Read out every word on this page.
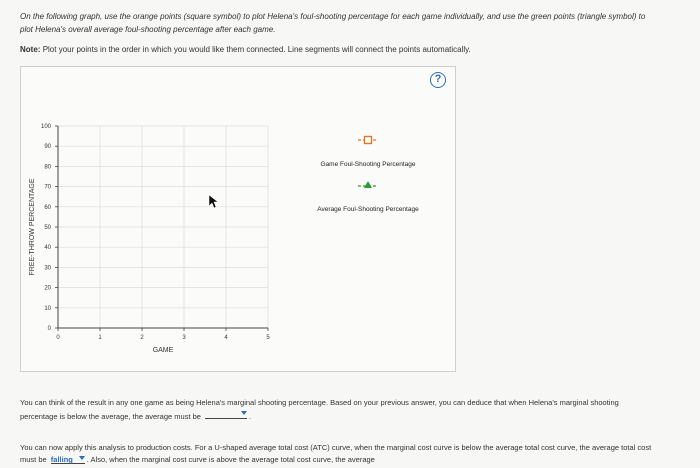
On the following graph, use the orange points (square symbol) to plot Helena's foul-shooting percentage for each game individually, and use the green points (triangle symbol) to plot Helena's overall average foul-shooting percentage after each game.
Note: Plot your points in the order in which you would like them connected. Line segments will connect the points automatically.
0
10
20
30
40
50
60
70
80
90
100
0	1	2	3	4	5
GAME
FREE-THROW PERCENTAGE
Game Foul-Shooting Percentage
Average Foul-Shooting Percentage
?
You can think of the result in any one game as being Helena's marginal shooting percentage. Based on your previous answer, you can deduce that when Helena's marginal shooting percentage is below the average, the average must be	.
You can now apply this analysis to production costs. For a U-shaped average total cost (ATC) curve, when the marginal cost curve is below the average total cost curve, the average total cost must be falling . Also, when the marginal cost curve is above the average total cost curve, the average
